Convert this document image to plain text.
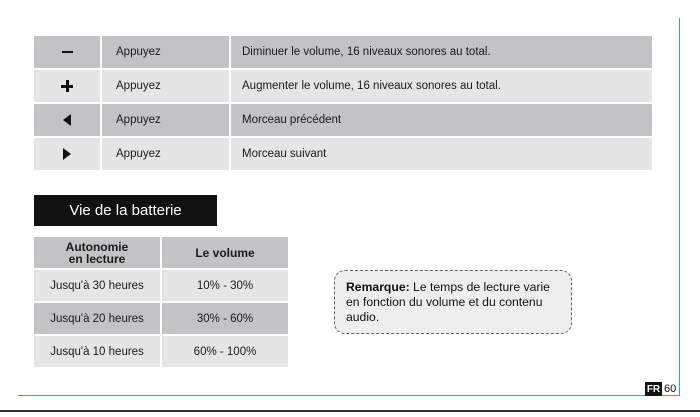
Appuyez	Diminuer le volume, 16 niveaux sonores au total.
Appuyez	Augmenter le volume, 16 niveaux sonores au total.
Appuyez	Morceau précédent
Appuyez	Morceau suivant
Vie de la batterie
Autonomie
en lecture	Le volume
Jusqu'à 30 heures	10% - 30%
Jusqu'à 20 heures	30% - 60%
Jusqu'à 10 heures	60% - 100%
Remarque: Le temps de lecture varie en fonction du volume et du contenu audio.
FR 60
